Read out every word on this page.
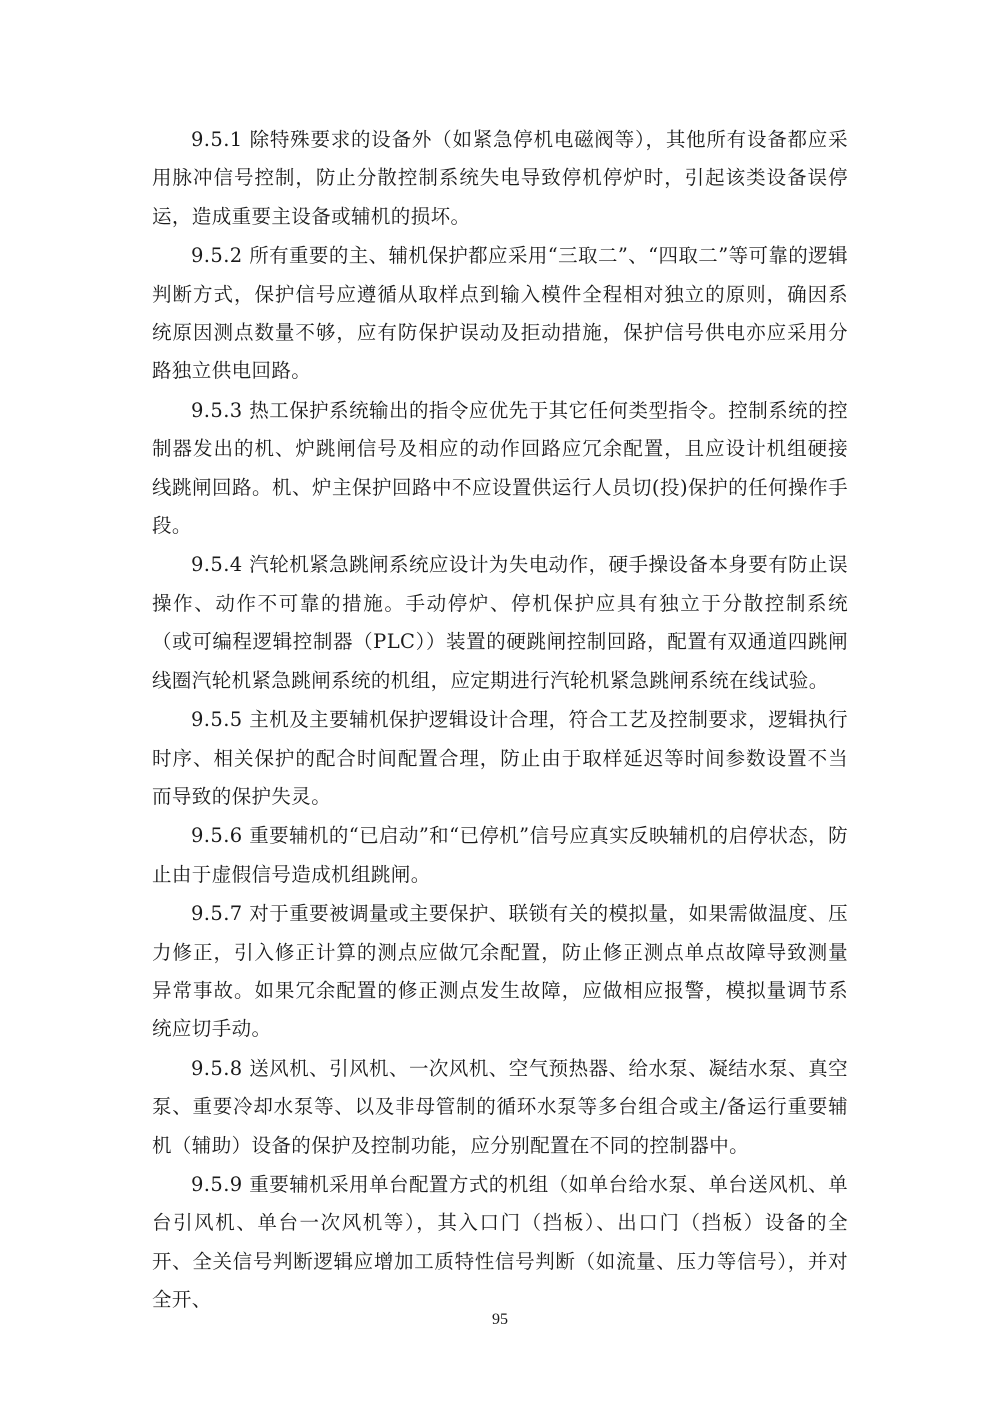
9.5.1 除特殊要求的设备外（如紧急停机电磁阀等），其他所有设备都应采用脉冲信号控制，防止分散控制系统失电导致停机停炉时，引起该类设备误停运，造成重要主设备或辅机的损坏。

9.5.2 所有重要的主、辅机保护都应采用“三取二”、“四取二”等可靠的逻辑判断方式，保护信号应遵循从取样点到输入模件全程相对独立的原则，确因系统原因测点数量不够，应有防保护误动及拒动措施，保护信号供电亦应采用分路独立供电回路。

9.5.3 热工保护系统输出的指令应优先于其它任何类型指令。控制系统的控制器发出的机、炉跳闸信号及相应的动作回路应冗余配置，且应设计机组硬接线跳闸回路。机、炉主保护回路中不应设置供运行人员切(投)保护的任何操作手段。

9.5.4 汽轮机紧急跳闸系统应设计为失电动作，硬手操设备本身要有防止误操作、动作不可靠的措施。手动停炉、停机保护应具有独立于分散控制系统（或可编程逻辑控制器（PLC））装置的硬跳闸控制回路，配置有双通道四跳闸线圈汽轮机紧急跳闸系统的机组，应定期进行汽轮机紧急跳闸系统在线试验。

9.5.5 主机及主要辅机保护逻辑设计合理，符合工艺及控制要求，逻辑执行时序、相关保护的配合时间配置合理，防止由于取样延迟等时间参数设置不当而导致的保护失灵。

9.5.6 重要辅机的“已启动”和“已停机”信号应真实反映辅机的启停状态，防止由于虚假信号造成机组跳闸。

9.5.7 对于重要被调量或主要保护、联锁有关的模拟量，如果需做温度、压力修正，引入修正计算的测点应做冗余配置，防止修正测点单点故障导致测量异常事故。如果冗余配置的修正测点发生故障，应做相应报警，模拟量调节系统应切手动。

9.5.8 送风机、引风机、一次风机、空气预热器、给水泵、凝结水泵、真空泵、重要冷却水泵等、以及非母管制的循环水泵等多台组合或主/备运行重要辅机（辅助）设备的保护及控制功能，应分别配置在不同的控制器中。

9.5.9 重要辅机采用单台配置方式的机组（如单台给水泵、单台送风机、单台引风机、单台一次风机等），其入口门（挡板）、出口门（挡板）设备的全开、全关信号判断逻辑应增加工质特性信号判断（如流量、压力等信号），并对全开、

95
